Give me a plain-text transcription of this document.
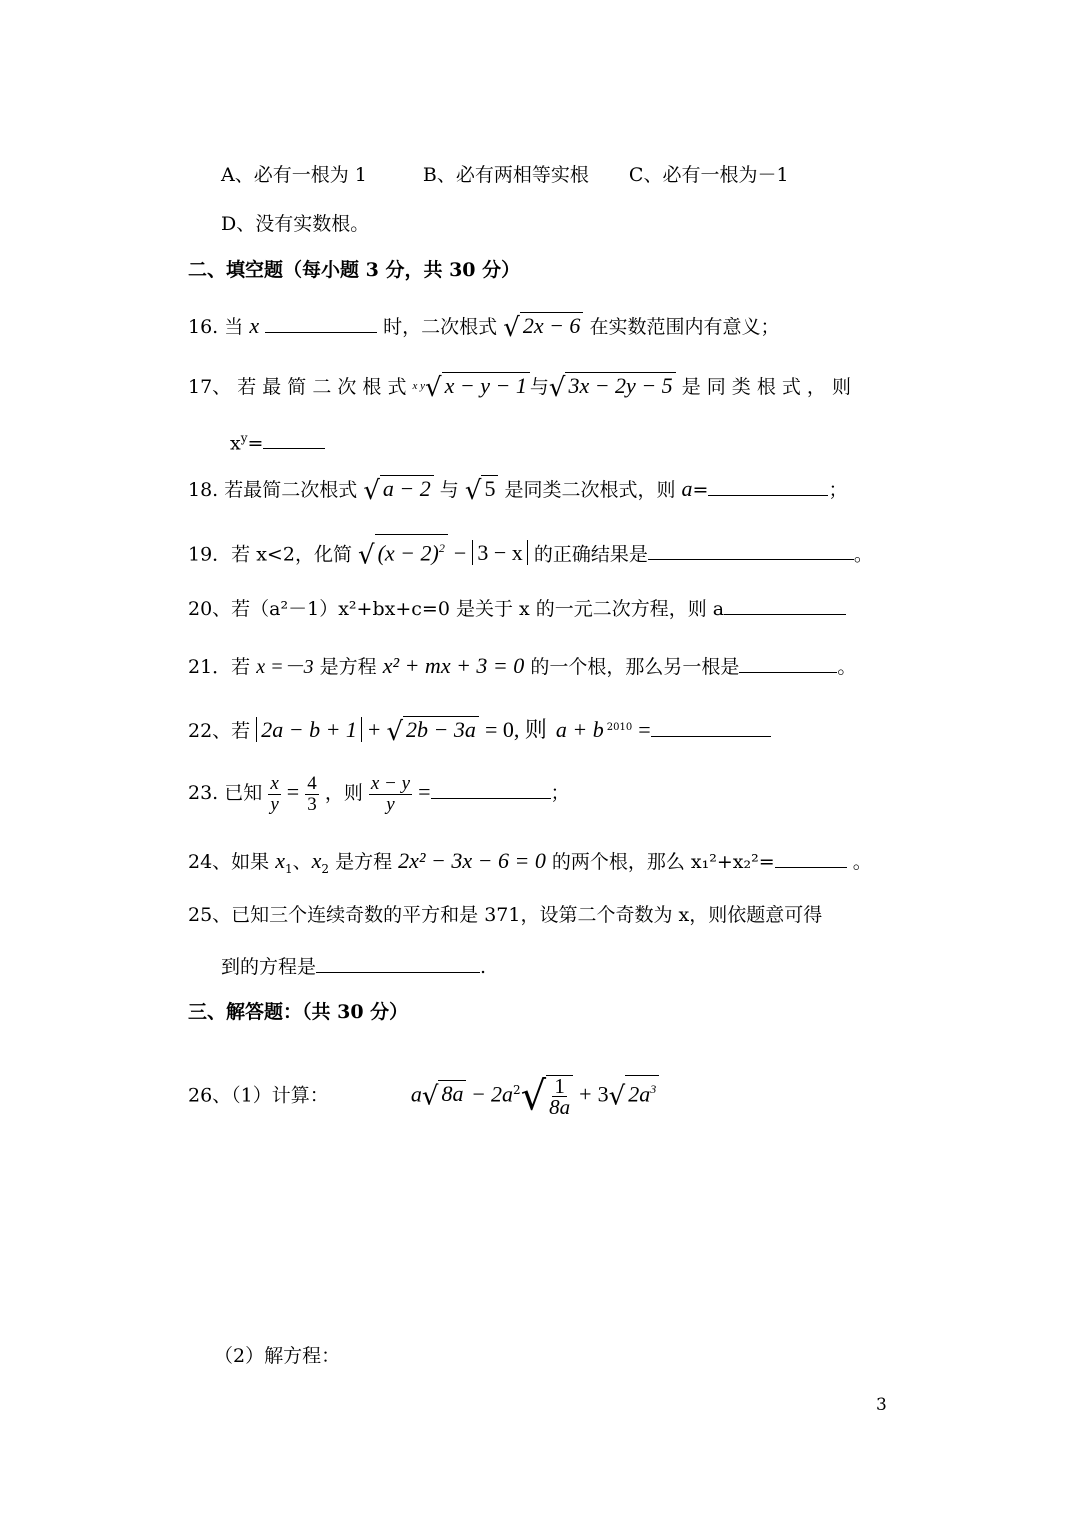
A、必有一根为 1	B、必有两相等实根 C、必有一根为－1
D、没有实数根。
二、填空题（每小题 3 分，共 30 分）
16. 当 x	时，二次根式 √ 2x − 6 在实数范围内有意义；
17、 若 最 简 二 次 根 式 $^{x y}$√ x − y − 1 与√ 3x − 2y − 5 是 同 类 根 式 ， 则
$x^y=$
18. 若最简二次根式 √ a − 2 与 √ 5 是同类二次根式，则 a=	；
19．若 x<2，化简 √ $(x - 2)^2 - 3 - x$ 的正确结果是	。
20、若（a²－1）x²+bx+c=0 是关于 x 的一元二次方程，则 a
21．若 x =－3 是方程 x² + mx + 3 = 0 的一个根，那么另一根是	。
22、若 2a − b + 1 + √ 2b − 3a = 0, 则 a + b $^{2010}$ =
23. 已知 $\frac{x}{y} = \frac{4}{3}$ ，则 $\frac{x - y}{y}$ =	；
24、如果 $x_1$、$x_2$ 是方程 2x² − 3x − 6 = 0 的两个根，那么 x₁²+x₂²=	。
25、已知三个连续奇数的平方和是 371，设第二个奇数为 x，则依题意可得
到的方程是	.
三、解答题：（共 30 分）
26、（1）计算：	a√ $8a - 2a^2√ \frac{1}{8a} + 3√$ $2a^3$
（2）解方程：
3
